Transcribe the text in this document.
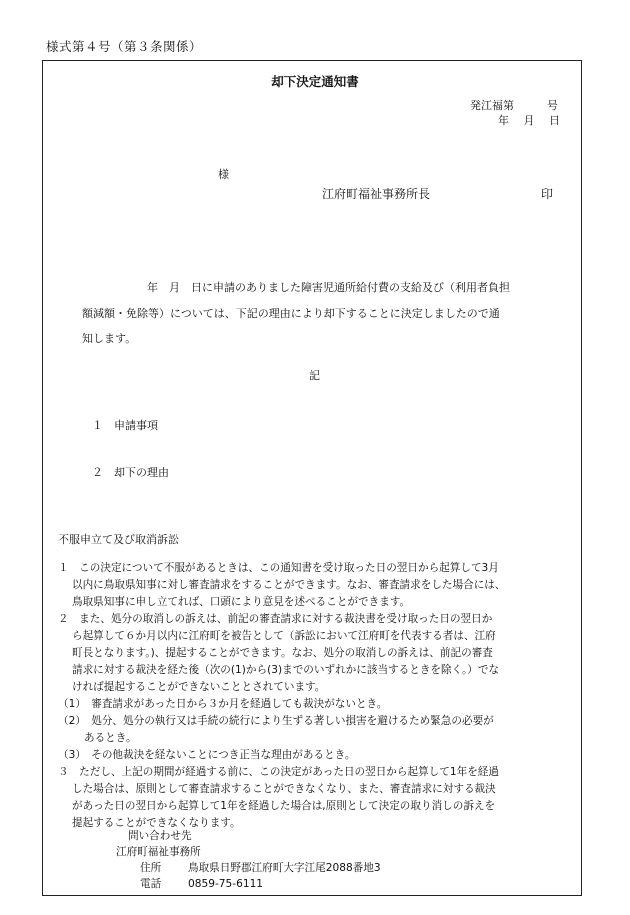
様式第４号（第３条関係）
却下決定通知書
発江福第　　　号
年　 月　 日
様
江府町福祉事務所長	印
年　月　日に申請のありました障害児通所給付費の支給及び（利用者負担
額減額・免除等）については、下記の理由により却下することに決定しましたので通
知します。
記
１　申請事項
２　却下の理由
不服申立て及び取消訴訟
１　この決定について不服があるときは、この通知書を受け取った日の翌日から起算して3月
以内に鳥取県知事に対し審査請求をすることができます。なお、審査請求をした場合には、
鳥取県知事に申し立てれば、口頭により意見を述べることができます。
２　また、処分の取消しの訴えは、前記の審査請求に対する裁決書を受け取った日の翌日か
ら起算して６か月以内に江府町を被告として（訴訟において江府町を代表する者は、江府
町長となります。)、提起することができます。なお、処分の取消しの訴えは、前記の審査
請求に対する裁決を経た後（次の(1)から(3)までのいずれかに該当するときを除く。）でな
ければ提起することができないこととされています。
（1）　審査請求があった日から３か月を経過しても裁決がないとき。
（2）　処分、処分の執行又は手続の続行により生ずる著しい損害を避けるため緊急の必要が
あるとき。
（3）　その他裁決を経ないことにつき正当な理由があるとき。
３　ただし、上記の期間が経過する前に、この決定があった日の翌日から起算して1年を経過
した場合は、原則として審査請求することができなくなり、また、審査請求に対する裁決
があった日の翌日から起算して1年を経過した場合は,原則として決定の取り消しの訴えを
提起することができなくなります。
問い合わせ先
江府町福祉事務所
住所	鳥取県日野郡江府町大字江尾2088番地3
電話	0859-75-6111
